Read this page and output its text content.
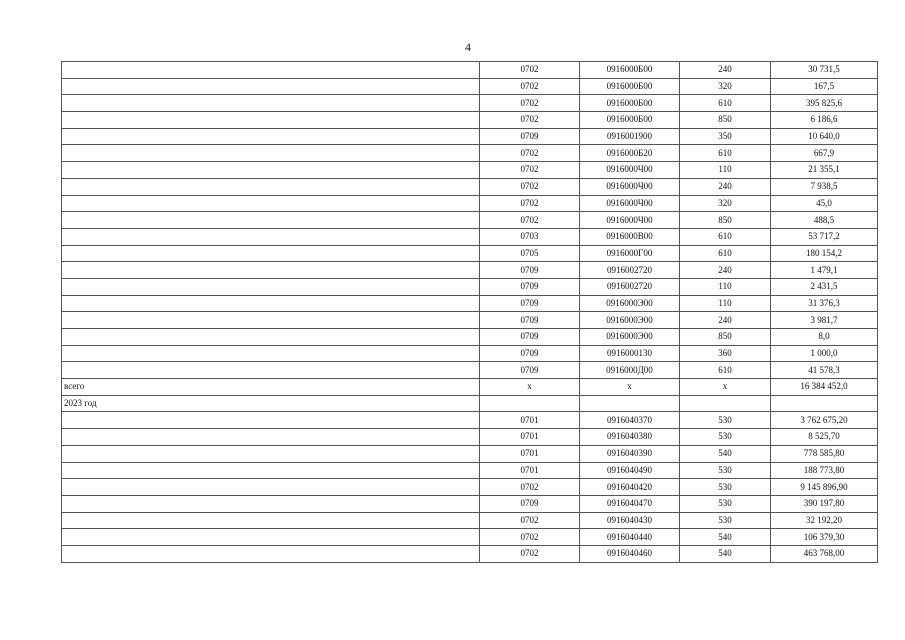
4
	0702	0916000Б00	240	30 731,5
	0702	0916000Б00	320	167,5
	0702	0916000Б00	610	395 825,6
	0702	0916000Б00	850	6 186,6
	0709	0916001900	350	10 640,0
	0702	0916000Б20	610	667,9
	0702	0916000Ч00	110	21 355,1
	0702	0916000Ч00	240	7 938,5
	0702	0916000Ч00	320	45,0
	0702	0916000Ч00	850	488,5
	0703	0916000В00	610	53 717,2
	0705	0916000Г00	610	180 154,2
	0709	0916002720	240	1 479,1
	0709	0916002720	110	2 431,5
	0709	0916000Э00	110	31 376,3
	0709	0916000Э00	240	3 981,7
	0709	0916000Э00	850	8,0
	0709	0916000130	360	1 000,0
	0709	0916000Д00	610	41 578,3
всего	х	х	х	16 384 452,0
2023 год				
	0701	0916040370	530	3 762 675,20
	0701	0916040380	530	8 525,70
	0701	0916040390	540	778 585,80
	0701	0916040490	530	188 773,80
	0702	0916040420	530	9 145 896,90
	0709	0916040470	530	390 197,80
	0702	0916040430	530	32 192,20
	0702	0916040440	540	106 379,30
	0702	0916040460	540	463 768,00
